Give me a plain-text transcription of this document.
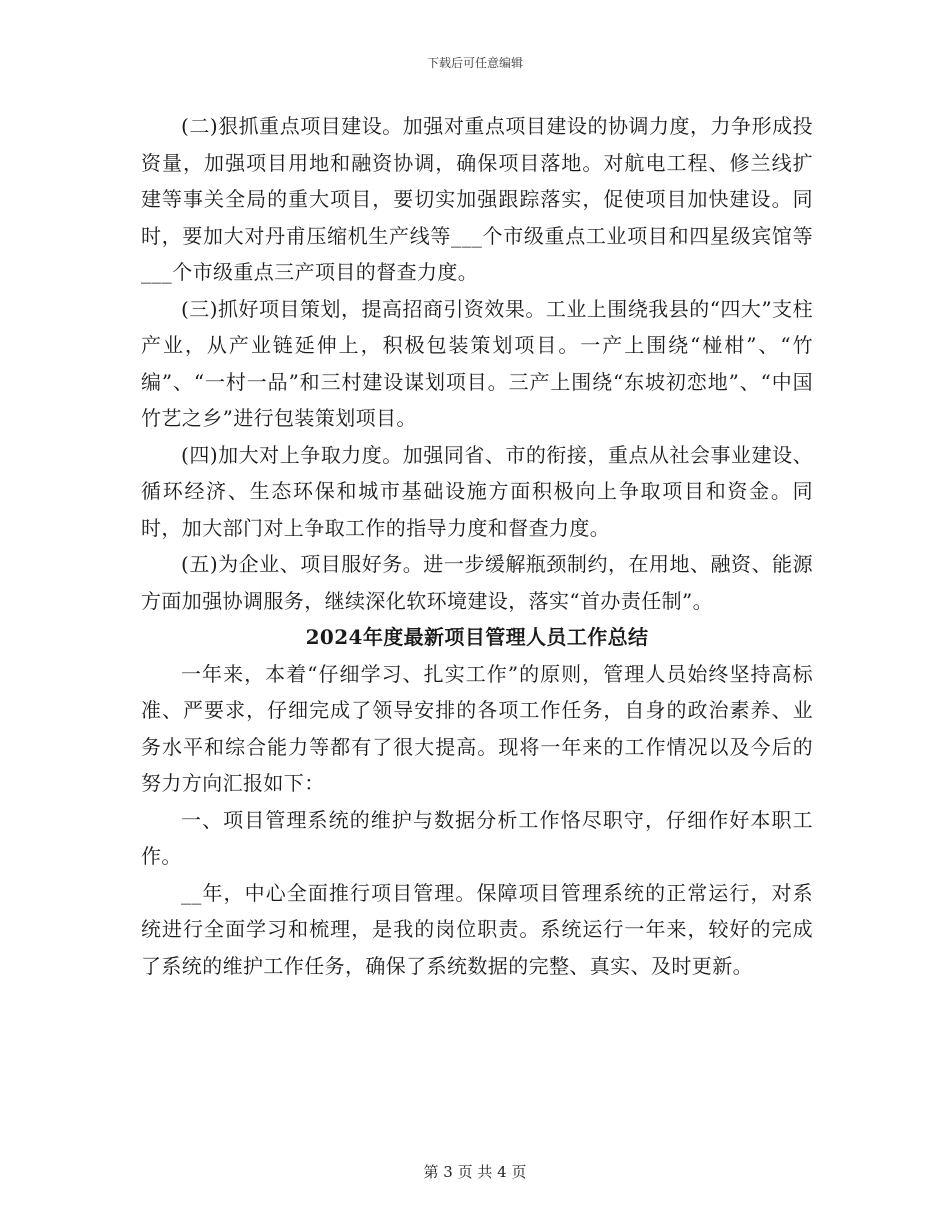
下载后可任意编辑

(二)狠抓重点项目建设。加强对重点项目建设的协调力度，力争形成投资量，加强项目用地和融资协调，确保项目落地。对航电工程、修兰线扩建等事关全局的重大项目，要切实加强跟踪落实，促使项目加快建设。同时，要加大对丹甫压缩机生产线等___个市级重点工业项目和四星级宾馆等___个市级重点三产项目的督查力度。

(三)抓好项目策划，提高招商引资效果。工业上围绕我县的“四大”支柱产业，从产业链延伸上，积极包装策划项目。一产上围绕“椪柑”、“竹编”、“一村一品”和三村建设谋划项目。三产上围绕“东坡初恋地”、“中国竹艺之乡”进行包装策划项目。

(四)加大对上争取力度。加强同省、市的衔接，重点从社会事业建设、循环经济、生态环保和城市基础设施方面积极向上争取项目和资金。同时，加大部门对上争取工作的指导力度和督查力度。

(五)为企业、项目服好务。进一步缓解瓶颈制约，在用地、融资、能源方面加强协调服务，继续深化软环境建设，落实“首办责任制”。

2024年度最新项目管理人员工作总结

一年来，本着“仔细学习、扎实工作”的原则，管理人员始终坚持高标准、严要求，仔细完成了领导安排的各项工作任务，自身的政治素养、业务水平和综合能力等都有了很大提高。现将一年来的工作情况以及今后的努力方向汇报如下：

一、项目管理系统的维护与数据分析工作恪尽职守，仔细作好本职工作。

__年，中心全面推行项目管理。保障项目管理系统的正常运行，对系统进行全面学习和梳理，是我的岗位职责。系统运行一年来，较好的完成了系统的维护工作任务，确保了系统数据的完整、真实、及时更新。

第 3 页 共 4 页
